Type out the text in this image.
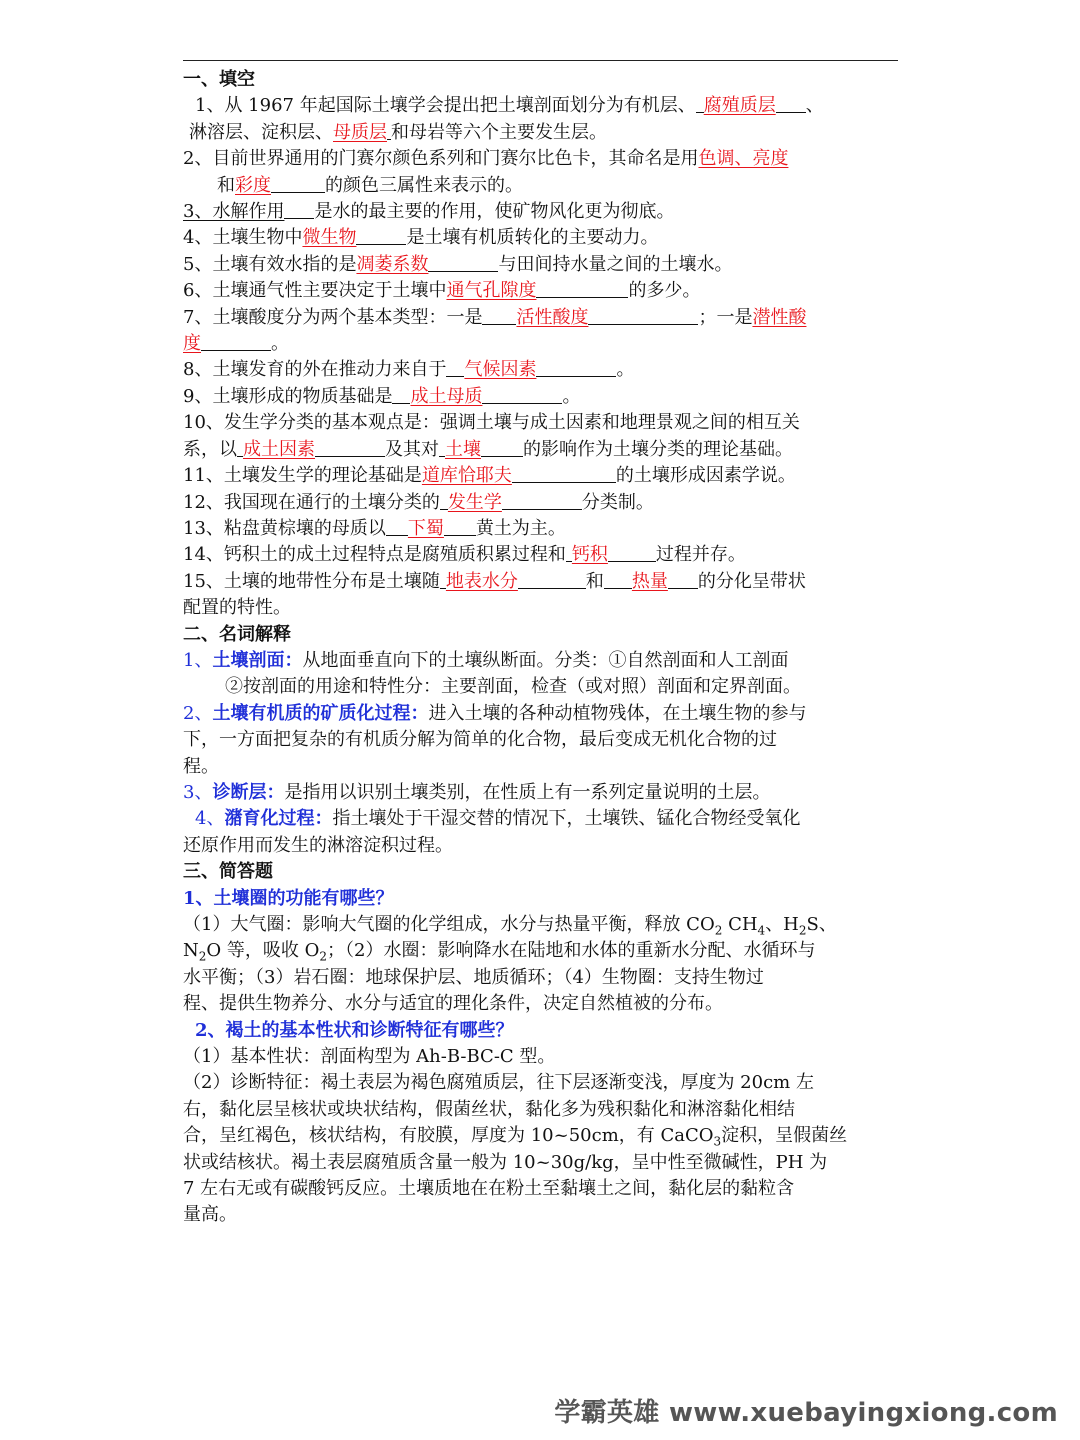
一、填空
1、从 1967 年起国际土壤学会提出把土壤剖面划分为有机层、 腐殖质层 、
淋溶层、淀积层、母质层 和母岩等六个主要发生层。
2、目前世界通用的门赛尔颜色系列和门赛尔比色卡，其命名是用色调、亮度
和彩度	的颜色三属性来表示的。
3、水解作用 是水的最主要的作用，使矿物风化更为彻底。
4、土壤生物中微生物	是土壤有机质转化的主要动力。
5、土壤有效水指的是凋萎系数	与田间持水量之间的土壤水。
6、土壤通气性主要决定于土壤中通气孔隙度	的多少。
7、土壤酸度分为两个基本类型：一是 活性酸度	；一是潜性酸
度	。
8、土壤发育的外在推动力来自于 气候因素	。
9、土壤形成的物质基础是 成土母质	。
10、发生学分类的基本观点是：强调土壤与成土因素和地理景观之间的相互关
系，以 成土因素	及其对 土壤 的影响作为土壤分类的理论基础。
11、土壤发生学的理论基础是道库恰耶夫	的土壤形成因素学说。
12、我国现在通行的土壤分类的 发生学	分类制。
13、粘盘黄棕壤的母质以 下蜀 黄土为主。
14、钙积土的成土过程特点是腐殖质积累过程和 钙积	过程并存。
15、土壤的地带性分布是土壤随 地表水分	和 热量 的分化呈带状
配置的特性。
二、名词解释
1、土壤剖面：从地面垂直向下的土壤纵断面。分类：①自然剖面和人工剖面
②按剖面的用途和特性分：主要剖面，检查（或对照）剖面和定界剖面。
2、土壤有机质的矿质化过程：进入土壤的各种动植物残体，在土壤生物的参与
下，一方面把复杂的有机质分解为简单的化合物，最后变成无机化合物的过
程。
3、诊断层：是指用以识别土壤类别，在性质上有一系列定量说明的土层。
4、潴育化过程：指土壤处于干湿交替的情况下，土壤铁、锰化合物经受氧化
还原作用而发生的淋溶淀积过程。
三、简答题
1、土壤圈的功能有哪些？
（1）大气圈：影响大气圈的化学组成，水分与热量平衡，释放 $CO_2$ $CH_4$、$H_2S$、
$N_2O$ 等，吸收 $O_2$；（2）水圈：影响降水在陆地和水体的重新水分配、水循环与
水平衡；（3）岩石圈：地球保护层、地质循环；（4）生物圈：支持生物过
程、提供生物养分、水分与适宜的理化条件，决定自然植被的分布。
2、褐土的基本性状和诊断特征有哪些？
（1）基本性状：剖面构型为 Ah-B-BC-C 型。
（2）诊断特征：褐土表层为褐色腐殖质层，往下层逐渐变浅，厚度为 20cm 左
右，黏化层呈核状或块状结构，假菌丝状，黏化多为残积黏化和淋溶黏化相结
合，呈红褐色，核状结构，有胶膜，厚度为 10~50cm，有 CaCO$_3$淀积，呈假菌丝
状或结核状。褐土表层腐殖质含量一般为 10~30g/kg，呈中性至微碱性，PH 为
7 左右无或有碳酸钙反应。土壤质地在在粉土至黏壤土之间，黏化层的黏粒含
量高。
学霸英雄 www.xuebayingxiong.com
